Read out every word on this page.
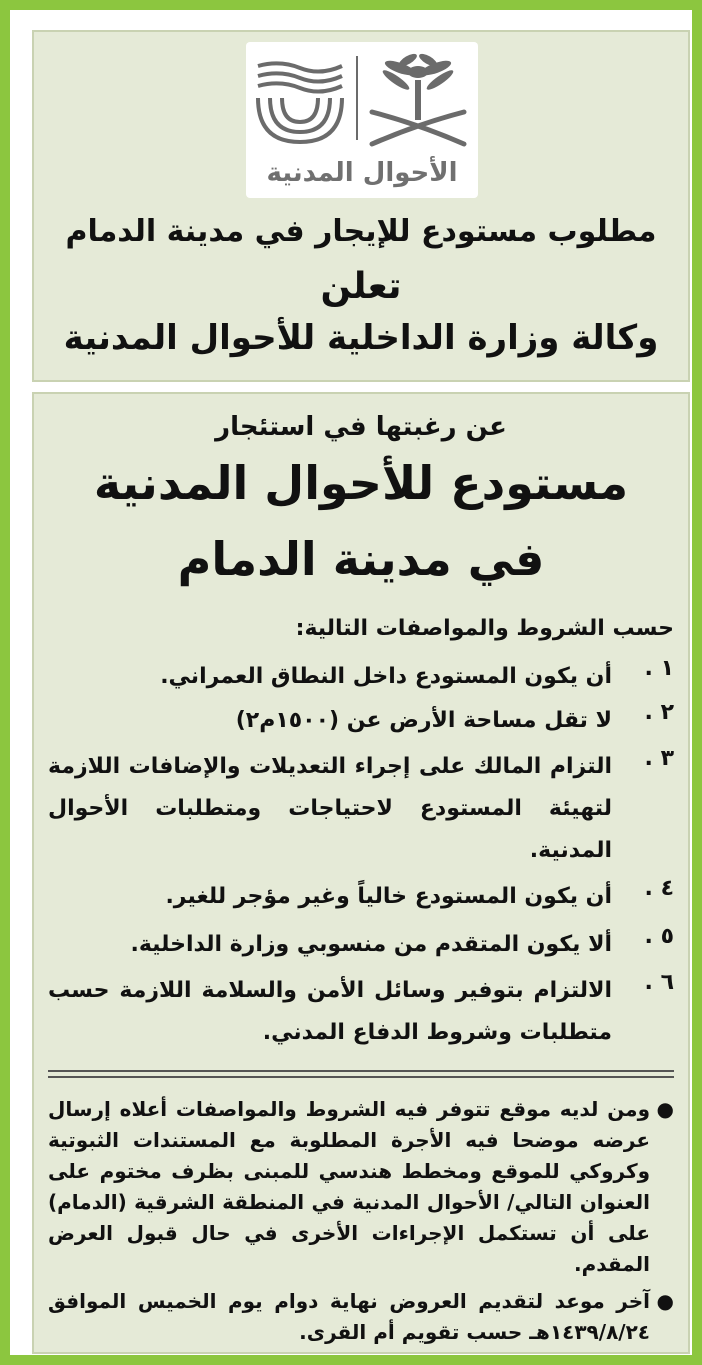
الأحوال المدنية
مطلوب مستودع للإيجار في مدينة الدمام
تعلن
وكالة وزارة الداخلية للأحوال المدنية
عن رغبتها في استئجار
مستودع للأحوال المدنية
في مدينة الدمام
حسب الشروط والمواصفات التالية:
١ .
أن يكون المستودع داخل النطاق العمراني.
٢ .
لا تقل مساحة الأرض عن (١٥٠٠م٢)
٣ .
التزام المالك على إجراء التعديلات والإضافات اللازمة لتهيئة المستودع لاحتياجات ومتطلبات الأحوال المدنية.
٤ .
أن يكون المستودع خالياً وغير مؤجر للغير.
٥ .
ألا يكون المتقدم من منسوبي وزارة الداخلية.
٦ .
الالتزام بتوفير وسائل الأمن والسلامة اللازمة حسب متطلبات وشروط الدفاع المدني.
●
ومن لديه موقع تتوفر فيه الشروط والمواصفات أعلاه إرسال عرضه موضحا فيه الأجرة المطلوبة مع المستندات الثبوتية وكروكي للموقع ومخطط هندسي للمبنى بظرف مختوم على العنوان التالي/ الأحوال المدنية في المنطقة الشرقية (الدمام) على أن تستكمل الإجراءات الأخرى في حال قبول العرض المقدم.
●
آخر موعد لتقديم العروض نهاية دوام يوم الخميس الموافق ١٤٣٩/٨/٢٤هـ حسب تقويم أم القرى.
